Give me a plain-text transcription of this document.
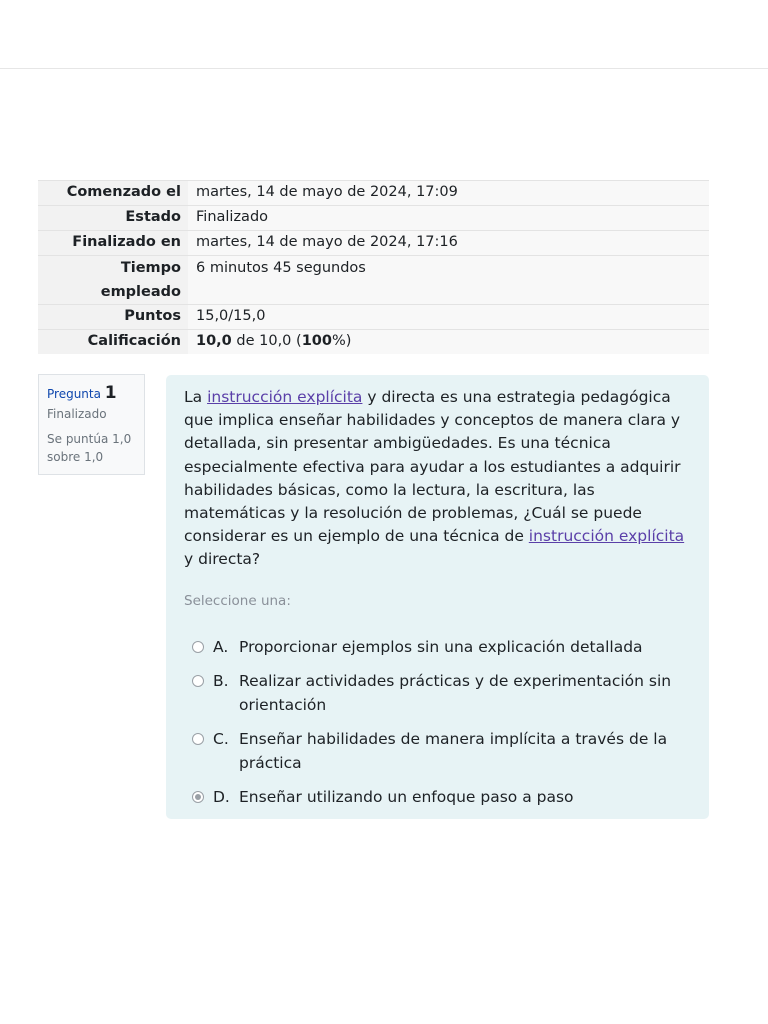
Comenzado el	martes, 14 de mayo de 2024, 17:09
Estado	Finalizado
Finalizado en	martes, 14 de mayo de 2024, 17:16
Tiempo empleado	6 minutos 45 segundos
Puntos	15,0/15,0
Calificación	10,0 de 10,0 (100%)

Pregunta 1

Finalizado

Se puntúa 1,0 sobre 1,0

La instrucción explícita y directa es una estrategia pedagógica que implica enseñar habilidades y conceptos de manera clara y detallada, sin presentar ambigüedades. Es una técnica especialmente efectiva para ayudar a los estudiantes a adquirir habilidades básicas, como la lectura, la escritura, las matemáticas y la resolución de problemas, ¿Cuál se puede considerar es un ejemplo de una técnica de instrucción explícita y directa?

Seleccione una:

A. Proporcionar ejemplos sin una explicación detallada
B. Realizar actividades prácticas y de experimentación sin orientación
C. Enseñar habilidades de manera implícita a través de la práctica
D. Enseñar utilizando un enfoque paso a paso
